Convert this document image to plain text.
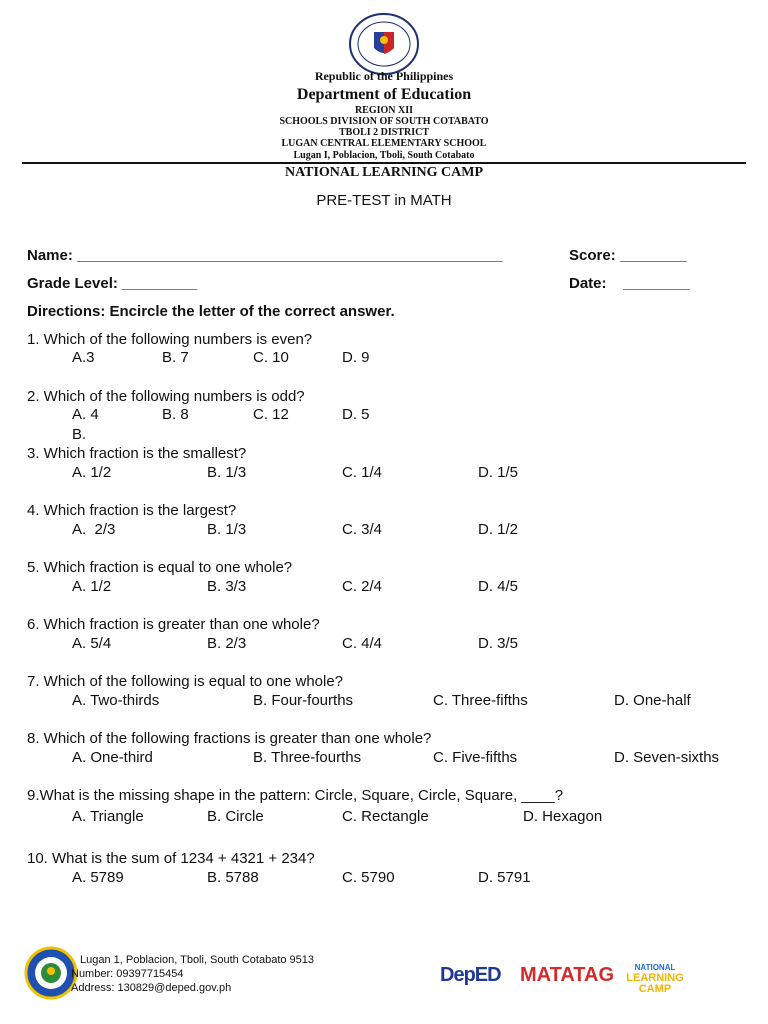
Republic of the Philippines
Department of Education
REGION XII
SCHOOLS DIVISION OF SOUTH COTABATO
TBOLI 2 DISTRICT
LUGAN CENTRAL ELEMENTARY SCHOOL
Lugan I, Poblacion, Tboli, South Cotabato
NATIONAL LEARNING CAMP
PRE-TEST in MATH
Name: ___________________________________________________	Score: ________
Grade Level: _________	Date:    ________
Directions: Encircle the letter of the correct answer.
1. Which of the following numbers is even?
A.3	B. 7	C. 10	D. 9
2. Which of the following numbers is odd?
A. 4	B. 8	C. 12	D. 5
B.
3. Which fraction is the smallest?
A. 1/2	B. 1/3	C. 1/4	D. 1/5
4. Which fraction is the largest?
A.  2/3	B. 1/3	C. 3/4	D. 1/2
5. Which fraction is equal to one whole?
A. 1/2	B. 3/3	C. 2/4	D. 4/5
6. Which fraction is greater than one whole?
A. 5/4	B. 2/3	C. 4/4	D. 3/5
7. Which of the following is equal to one whole?
A. Two-thirds	B. Four-fourths	C. Three-fifths	D. One-half
8. Which of the following fractions is greater than one whole?
A. One-third	B. Three-fourths	C. Five-fifths	D. Seven-sixths
9.What is the missing shape in the pattern: Circle, Square, Circle, Square, ____?
A. Triangle	B. Circle	C. Rectangle	D. Hexagon
10. What is the sum of 1234 + 4321 + 234?
A. 5789	B. 5788	C. 5790	D. 5791
Lugan 1, Poblacion, Tboli, South Cotabato 9513
Number: 09397715454
Address: 130829@deped.gov.ph
DepED MATATAG	NATIONAL
LEARNING
CAMP
